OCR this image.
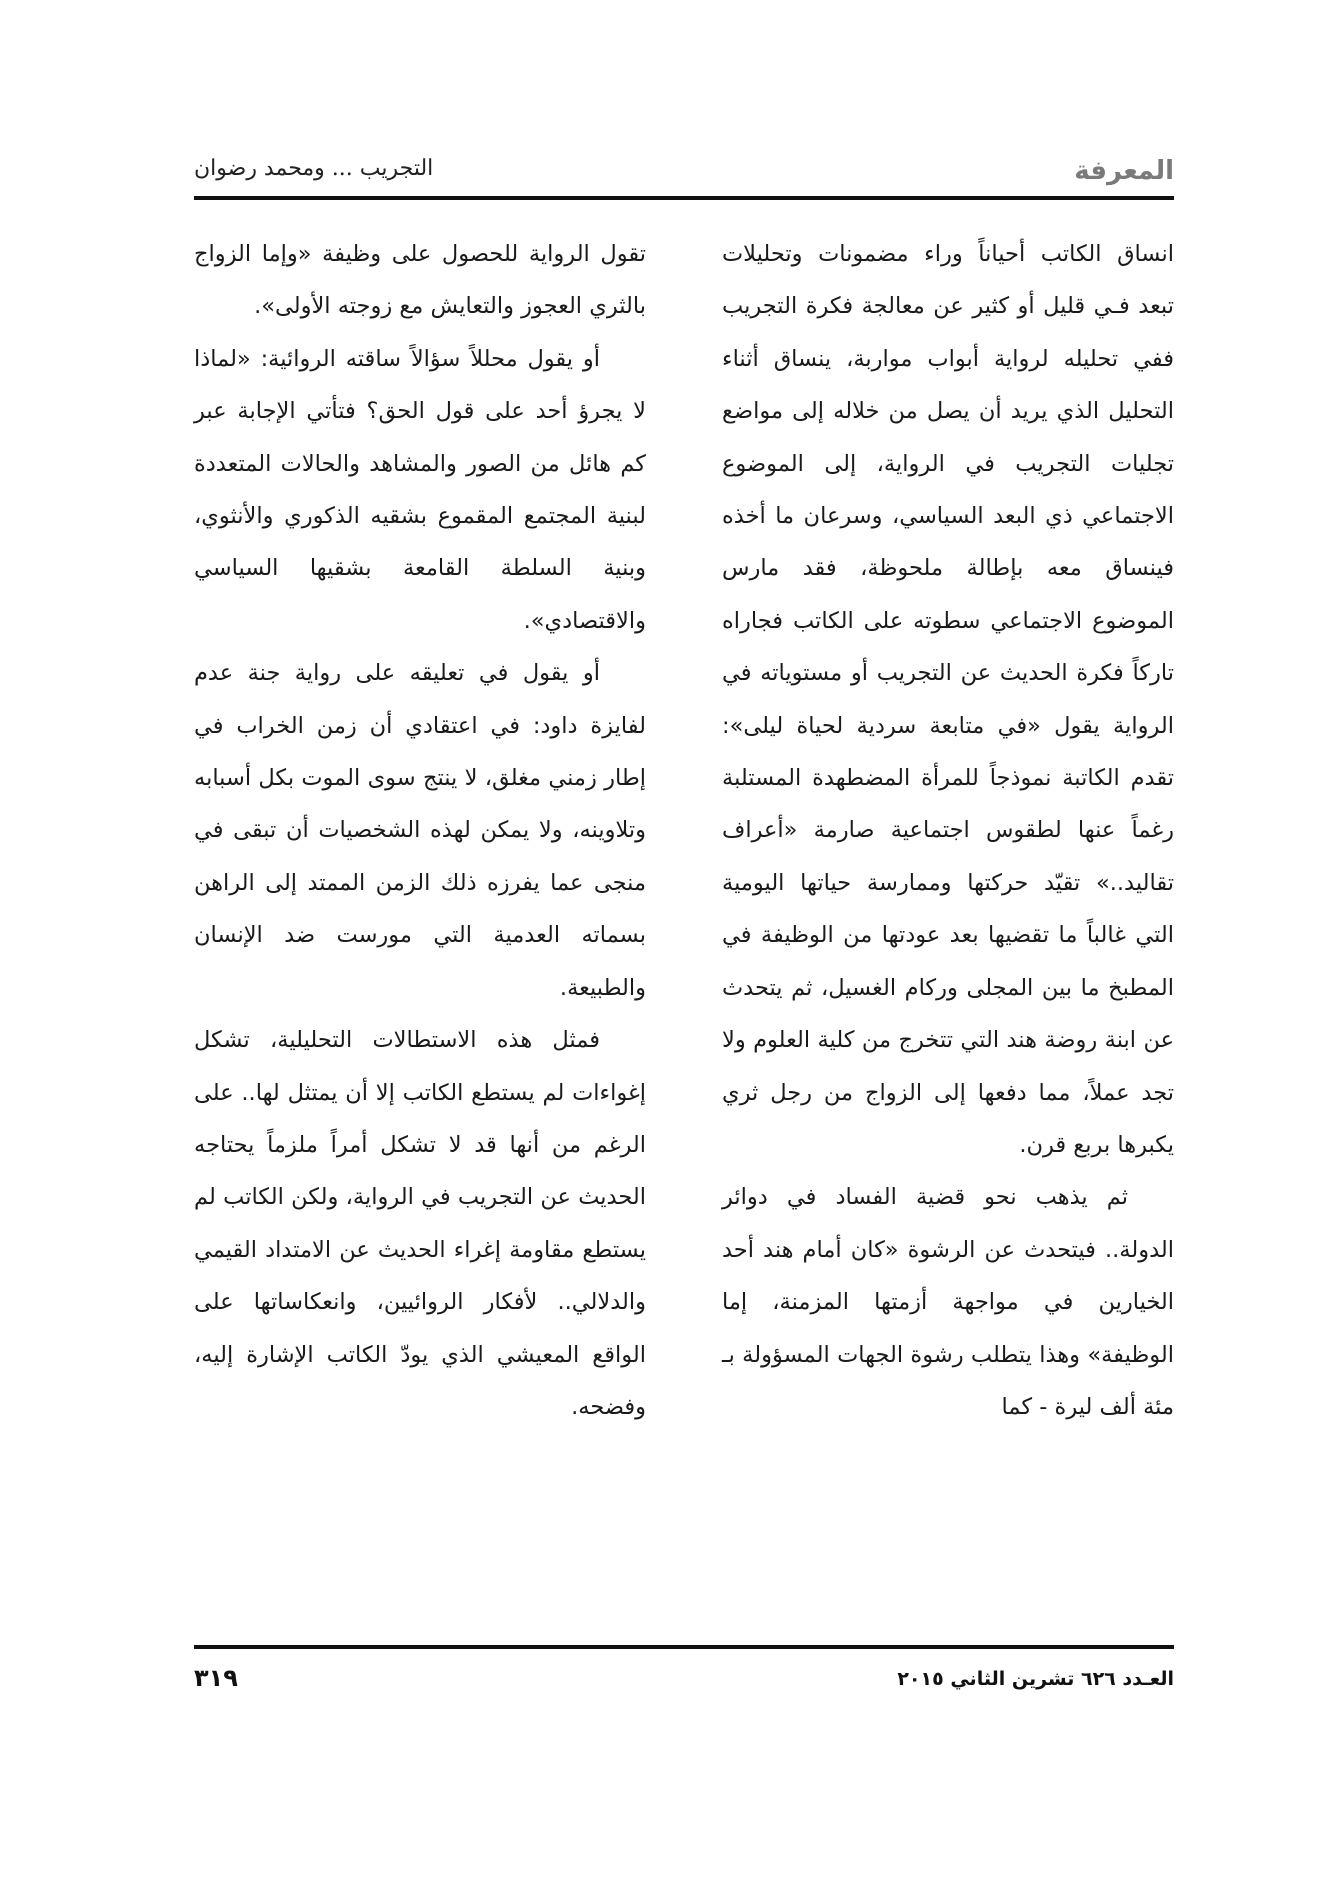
المعرفة
التجريب ... ومحمد رضوان

انساق الكاتب أحياناً وراء مضمونات وتحليلات تبعد فـي قليل أو كثير عن معالجة فكرة التجريب ففي تحليله لرواية أبواب مواربة، ينساق أثناء التحليل الذي يريد أن يصل من خلاله إلى مواضع تجليات التجريب في الرواية، إلى الموضوع الاجتماعي ذي البعد السياسي، وسرعان ما أخذه فينساق معه بإطالة ملحوظة، فقد مارس الموضوع الاجتماعي سطوته على الكاتب فجاراه تاركاً فكرة الحديث عن التجريب أو مستوياته في الرواية يقول «في متابعة سردية لحياة ليلى»: تقدم الكاتبة نموذجاً للمرأة المضطهدة المستلبة رغماً عنها لطقوس اجتماعية صارمة «أعراف تقاليد..» تقيّد حركتها وممارسة حياتها اليومية التي غالباً ما تقضيها بعد عودتها من الوظيفة في المطبخ ما بين المجلى وركام الغسيل، ثم يتحدث عن ابنة روضة هند التي تتخرج من كلية العلوم ولا تجد عملاً، مما دفعها إلى الزواج من رجل ثري يكبرها بربع قرن.

ثم يذهب نحو قضية الفساد في دوائر الدولة.. فيتحدث عن الرشوة «كان أمام هند أحد الخيارين في مواجهة أزمتها المزمنة، إما الوظيفة» وهذا يتطلب رشوة الجهات المسؤولة بـ مئة ألف ليرة - كما

تقول الرواية للحصول على وظيفة «وإما الزواج بالثري العجوز والتعايش مع زوجته الأولى».

أو يقول محللاً سؤالاً ساقته الروائية: «لماذا لا يجرؤ أحد على قول الحق؟ فتأتي الإجابة عبر كم هائل من الصور والمشاهد والحالات المتعددة لبنية المجتمع المقموع بشقيه الذكوري والأنثوي، وبنية السلطة القامعة بشقيها السياسي والاقتصادي».

أو يقول في تعليقه على رواية جنة عدم لفايزة داود: في اعتقادي أن زمن الخراب في إطار زمني مغلق، لا ينتج سوى الموت بكل أسبابه وتلاوينه، ولا يمكن لهذه الشخصيات أن تبقى في منجى عما يفرزه ذلك الزمن الممتد إلى الراهن بسماته العدمية التي مورست ضد الإنسان والطبيعة.

فمثل هذه الاستطالات التحليلية، تشكل إغواءات لم يستطع الكاتب إلا أن يمتثل لها.. على الرغم من أنها قد لا تشكل أمراً ملزماً يحتاجه الحديث عن التجريب في الرواية، ولكن الكاتب لم يستطع مقاومة إغراء الحديث عن الامتداد القيمي والدلالي.. لأفكار الروائيين، وانعكاساتها على الواقع المعيشي الذي يودّ الكاتب الإشارة إليه، وفضحه.

العـدد ٦٢٦ تشرين الثاني ٢٠١٥
٣١٩
